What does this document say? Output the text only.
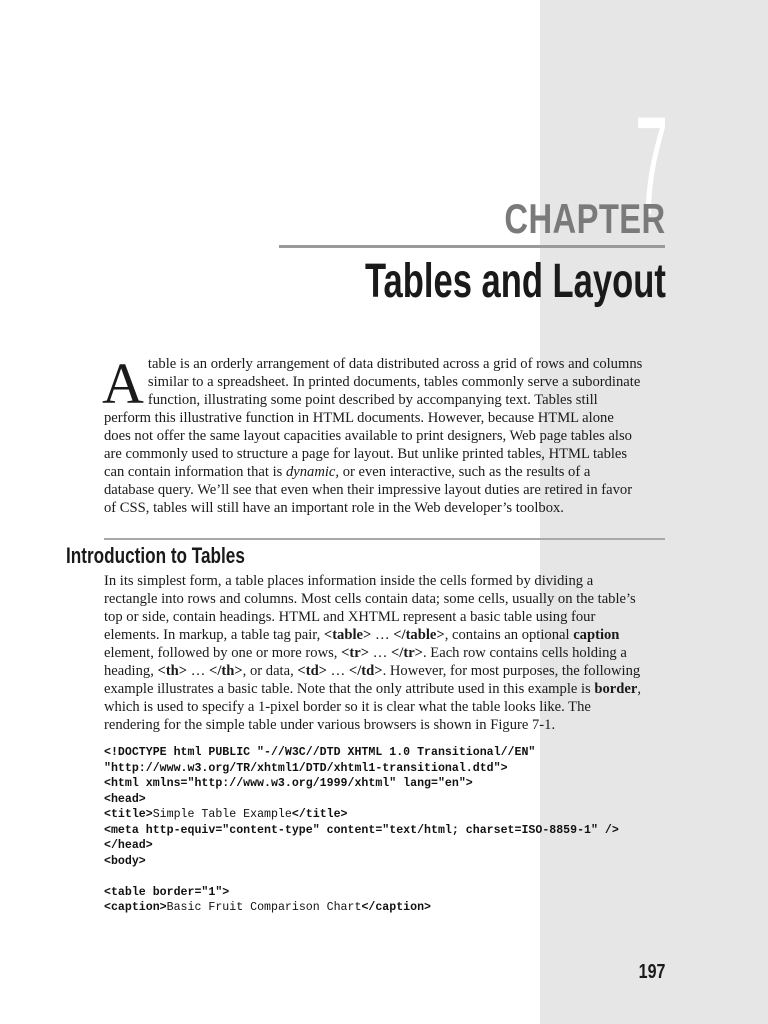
7
CHAPTER
Tables and Layout

Atable is an orderly arrangement of data distributed across a grid of rows and columns similar to a spreadsheet. In printed documents, tables commonly serve a subordinate function, illustrating some point described by accompanying text. Tables still perform this illustrative function in HTML documents. However, because HTML alone does not offer the same layout capacities available to print designers, Web page tables also are commonly used to structure a page for layout. But unlike printed tables, HTML tables can contain information that is dynamic, or even interactive, such as the results of a database query. We’ll see that even when their impressive layout duties are retired in favor of CSS, tables will still have an important role in the Web developer’s toolbox.

Introduction to Tables

In its simplest form, a table places information inside the cells formed by dividing a rectangle into rows and columns. Most cells contain data; some cells, usually on the table’s top or side, contain headings. HTML and XHTML represent a basic table using four elements. In markup, a table tag pair, <table> … </table>, contains an optional caption element, followed by one or more rows, <tr> … </tr>. Each row contains cells holding a heading, <th> … </th>, or data, <td> … </td>. However, for most purposes, the following example illustrates a basic table. Note that the only attribute used in this example is border, which is used to specify a 1-pixel border so it is clear what the table looks like. The rendering for the simple table under various browsers is shown in Figure 7-1.

<!DOCTYPE html PUBLIC "-//W3C//DTD XHTML 1.0 Transitional//EN"
"http://www.w3.org/TR/xhtml1/DTD/xhtml1-transitional.dtd">
<html xmlns="http://www.w3.org/1999/xhtml" lang="en">
<head>
<title>Simple Table Example</title>
<meta http-equiv="content-type" content="text/html; charset=ISO-8859-1" />
</head>
<body>

<table border="1">
<caption>Basic Fruit Comparison Chart</caption>
197
